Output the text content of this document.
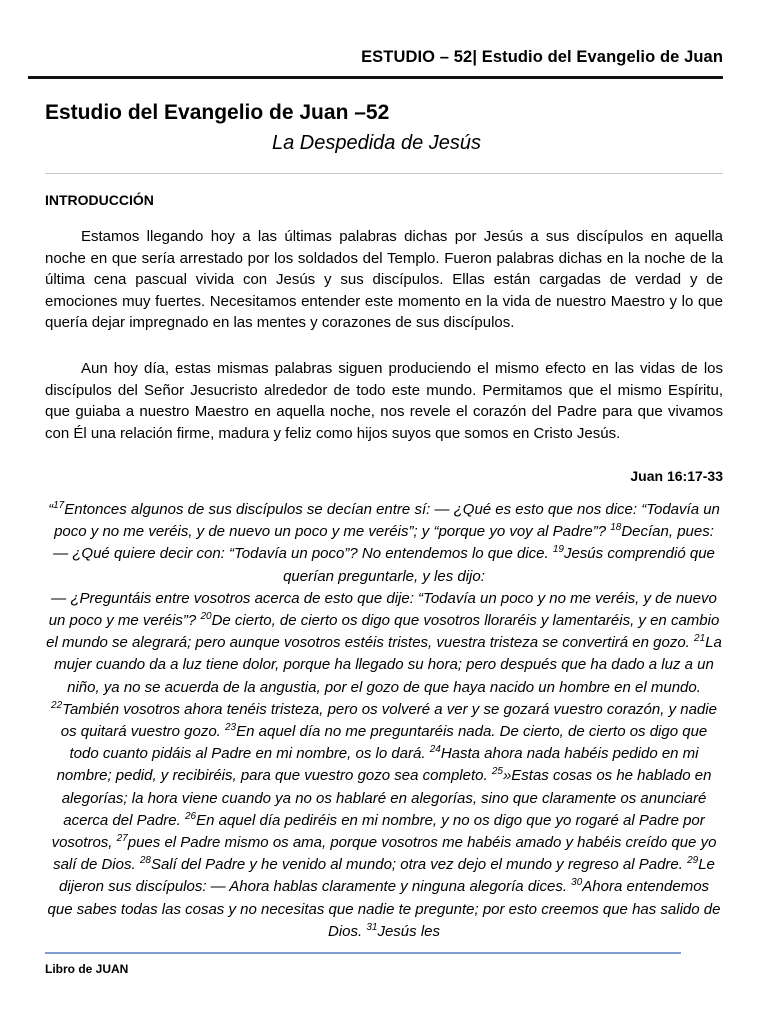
ESTUDIO – 52| Estudio del Evangelio de Juan
Estudio del Evangelio de Juan –52
La Despedida de Jesús
INTRODUCCIÓN

Estamos llegando hoy a las últimas palabras dichas por Jesús a sus discípulos en aquella noche en que sería arrestado por los soldados del Templo. Fueron palabras dichas en la noche de la última cena pascual vivida con Jesús y sus discípulos. Ellas están cargadas de verdad y de emociones muy fuertes. Necesitamos entender este momento en la vida de nuestro Maestro y lo que quería dejar impregnado en las mentes y corazones de sus discípulos.

Aun hoy día, estas mismas palabras siguen produciendo el mismo efecto en las vidas de los discípulos del Señor Jesucristo alrededor de todo este mundo. Permitamos que el mismo Espíritu, que guiaba a nuestro Maestro en aquella noche, nos revele el corazón del Padre para que vivamos con Él una relación firme, madura y feliz como hijos suyos que somos en Cristo Jesús.

Juan 16:17-33

“$^{17}$Entonces algunos de sus discípulos se decían entre sí: — ¿Qué es esto que nos dice: “Todavía un poco y no me veréis, y de nuevo un poco y me veréis”; y “porque yo voy al Padre”? $^{18}$Decían, pues: — ¿Qué quiere decir con: “Todavía un poco”? No entendemos lo que dice. $^{19}$Jesús comprendió que querían preguntarle, y les dijo:
— ¿Preguntáis entre vosotros acerca de esto que dije: “Todavía un poco y no me veréis, y de nuevo un poco y me veréis”? $^{20}$De cierto, de cierto os digo que vosotros lloraréis y lamentaréis, y en cambio el mundo se alegrará; pero aunque vosotros estéis tristes, vuestra tristeza se convertirá en gozo. $^{21}$La mujer cuando da a luz tiene dolor, porque ha llegado su hora; pero después que ha dado a luz a un niño, ya no se acuerda de la angustia, por el gozo de que haya nacido un hombre en el mundo. $^{22}$También vosotros ahora tenéis tristeza, pero os volveré a ver y se gozará vuestro corazón, y nadie os quitará vuestro gozo. $^{23}$En aquel día no me preguntaréis nada. De cierto, de cierto os digo que todo cuanto pidáis al Padre en mi nombre, os lo dará. $^{24}$Hasta ahora nada habéis pedido en mi nombre; pedid, y recibiréis, para que vuestro gozo sea completo. $^{25}$»Estas cosas os he hablado en alegorías; la hora viene cuando ya no os hablaré en alegorías, sino que claramente os anunciaré acerca del Padre. $^{26}$En aquel día pediréis en mi nombre, y no os digo que yo rogaré al Padre por vosotros, $^{27}$pues el Padre mismo os ama, porque vosotros me habéis amado y habéis creído que yo salí de Dios. $^{28}$Salí del Padre y he venido al mundo; otra vez dejo el mundo y regreso al Padre. $^{29}$Le dijeron sus discípulos: — Ahora hablas claramente y ninguna alegoría dices. $^{30}$Ahora entendemos que sabes todas las cosas y no necesitas que nadie te pregunte; por esto creemos que has salido de Dios. $^{31}$Jesús les

Libro de JUAN
